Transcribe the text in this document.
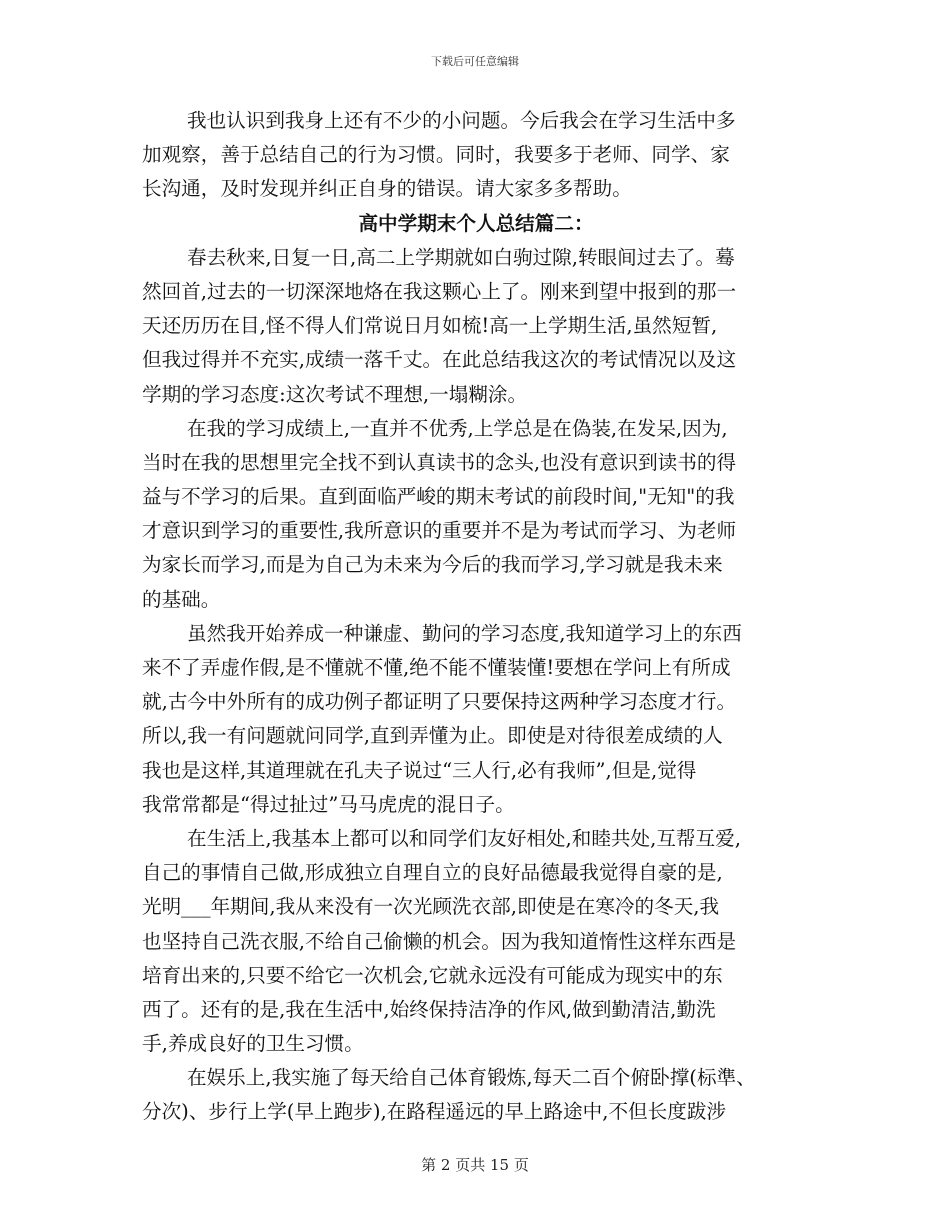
下载后可任意编辑
我也认识到我身上还有不少的小问题。今后我会在学习生活中多
加观察，善于总结自己的行为习惯。同时，我要多于老师、同学、家
长沟通，及时发现并纠正自身的错误。请大家多多帮助。
高中学期末个人总结篇二：
春去秋来,日复一日,高二上学期就如白驹过隙,转眼间过去了。蓦
然回首,过去的一切深深地烙在我这颗心上了。刚来到望中报到的那一
天还历历在目,怪不得人们常说日月如梳!高一上学期生活,虽然短暂,
但我过得并不充实,成绩一落千丈。在此总结我这次的考试情况以及这
学期的学习态度:这次考试不理想,一塌糊涂。
在我的学习成绩上,一直并不优秀,上学总是在偽装,在发呆,因为,
当时在我的思想里完全找不到认真读书的念头,也没有意识到读书的得
益与不学习的后果。直到面临严峻的期末考试的前段时间,"无知"的我
才意识到学习的重要性,我所意识的重要并不是为考试而学习、为老师
为家长而学习,而是为自己为未来为今后的我而学习,学习就是我未来
的基础。
虽然我开始养成一种谦虚、勤问的学习态度,我知道学习上的东西
来不了弄虚作假,是不懂就不懂,绝不能不懂装懂!要想在学问上有所成
就,古今中外所有的成功例子都证明了只要保持这两种学习态度才行。
所以,我一有问题就问同学,直到弄懂为止。即使是对待很差成绩的人
我也是这样,其道理就在孔夫子说过“三人行,必有我师”,但是,觉得
我常常都是“得过扯过”马马虎虎的混日子。
在生活上,我基本上都可以和同学们友好相处,和睦共处,互帮互爱,
自己的事情自己做,形成独立自理自立的良好品德最我觉得自豪的是,
光明___年期间,我从来没有一次光顾洗衣部,即使是在寒冷的冬天,我
也坚持自己洗衣服,不给自己偷懒的机会。因为我知道惰性这样东西是
培育出来的,只要不给它一次机会,它就永远没有可能成为现实中的东
西了。还有的是,我在生活中,始终保持洁净的作风,做到勤清洁,勤洗
手,养成良好的卫生习惯。
在娱乐上,我实施了每天给自己体育锻炼,每天二百个俯卧撑(标準、
分次)、步行上学(早上跑步),在路程遥远的早上路途中,不但长度跋涉
第 2 页共 15 页
